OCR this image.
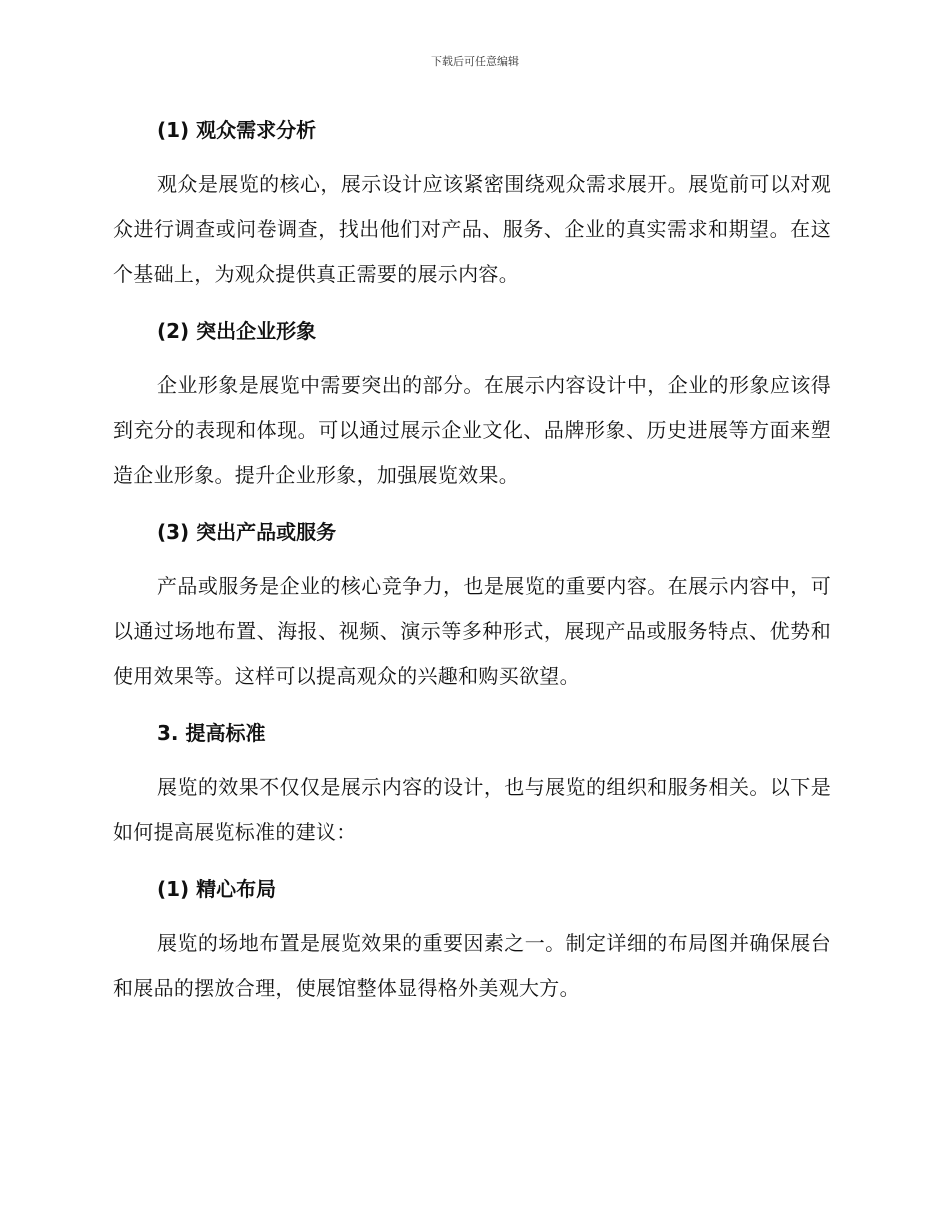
下载后可任意编辑
(1) 观众需求分析

观众是展览的核心，展示设计应该紧密围绕观众需求展开。展览前可以对观众进行调查或问卷调查，找出他们对产品、服务、企业的真实需求和期望。在这个基础上，为观众提供真正需要的展示内容。

(2) 突出企业形象

企业形象是展览中需要突出的部分。在展示内容设计中，企业的形象应该得到充分的表现和体现。可以通过展示企业文化、品牌形象、历史进展等方面来塑造企业形象。提升企业形象，加强展览效果。

(3) 突出产品或服务

产品或服务是企业的核心竞争力，也是展览的重要内容。在展示内容中，可以通过场地布置、海报、视频、演示等多种形式，展现产品或服务特点、优势和使用效果等。这样可以提高观众的兴趣和购买欲望。

3. 提高标准

展览的效果不仅仅是展示内容的设计，也与展览的组织和服务相关。以下是如何提高展览标准的建议：

(1) 精心布局

展览的场地布置是展览效果的重要因素之一。制定详细的布局图并确保展台和展品的摆放合理，使展馆整体显得格外美观大方。
